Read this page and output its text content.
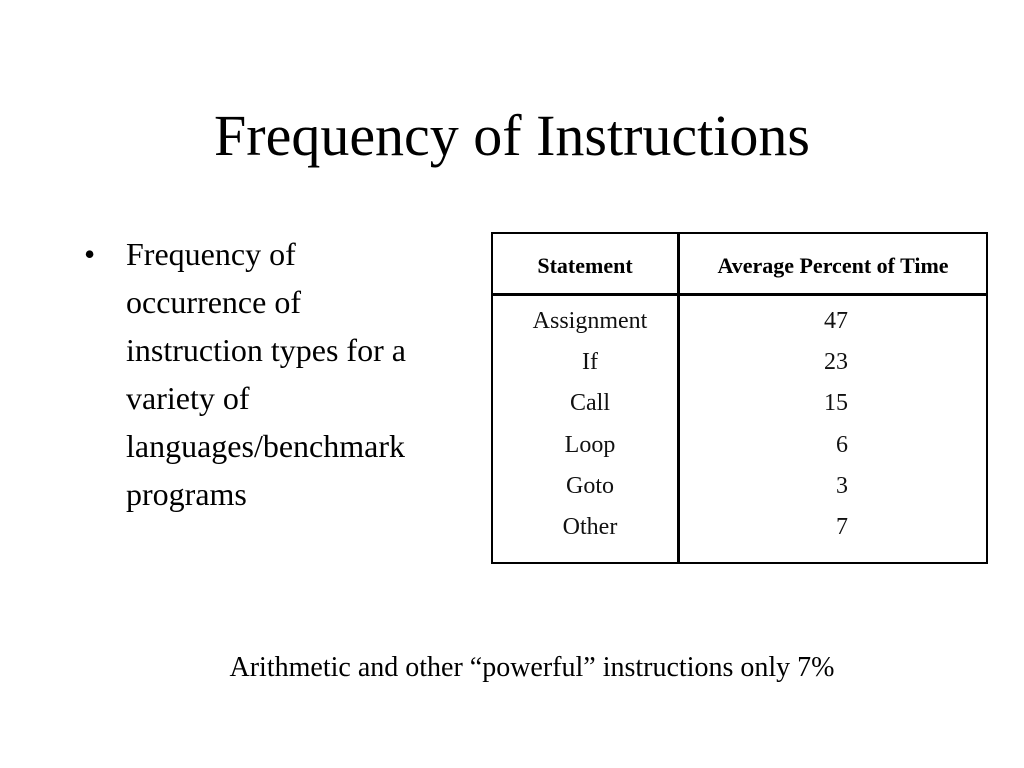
Frequency of Instructions
• Frequency of
occurrence of
instruction types for a
variety of
languages/benchmark
programs
Statement	Average Percent of Time
Assignment	47
If	23
Call	15
Loop	6
Goto	3
Other	7
Arithmetic and other “powerful” instructions only 7%
